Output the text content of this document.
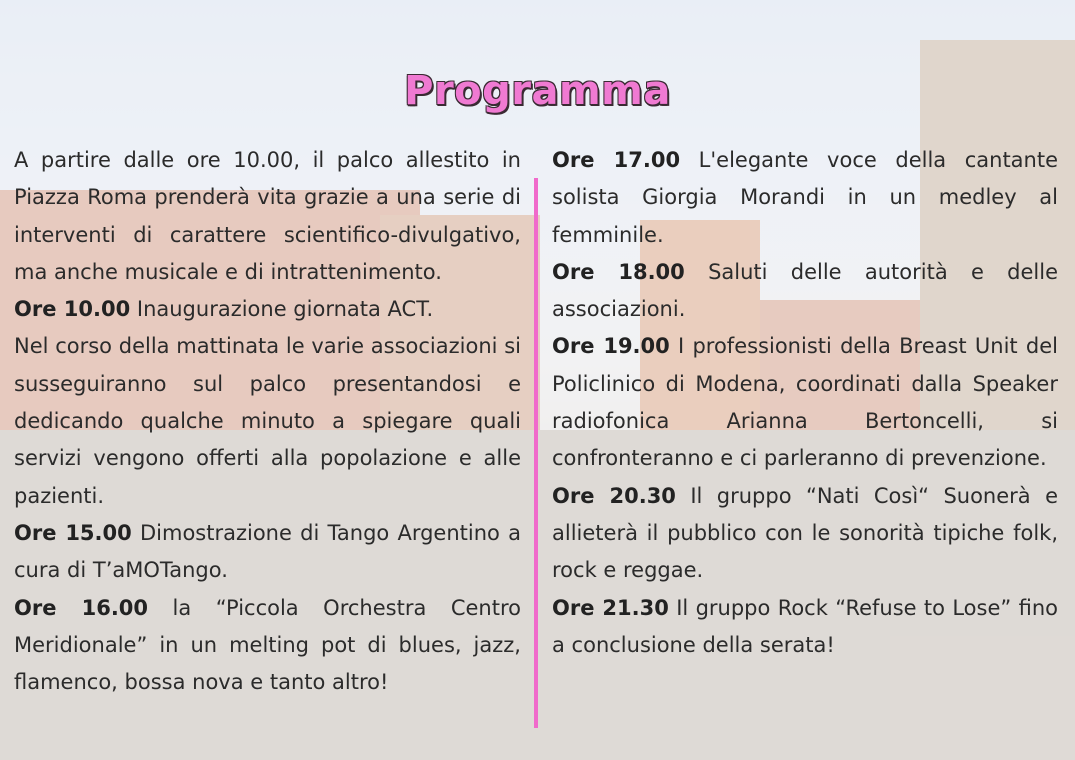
Programma

A partire dalle ore 10.00, il palco allestito in Piazza Roma prenderà vita grazie a una serie di interventi di carattere scientifico-divulgativo, ma anche musicale e di intrattenimento.

Ore 10.00 Inaugurazione giornata ACT.

Nel corso della mattinata le varie associazioni si susseguiranno sul palco presentandosi e dedicando qualche minuto a spiegare quali servizi vengono offerti alla popolazione e alle pazienti.

Ore 15.00 Dimostrazione di Tango Argentino a cura di T’aMOTango.

Ore 16.00 la “Piccola Orchestra Centro Meridionale” in un melting pot di blues, jazz, flamenco, bossa nova e tanto altro!

Ore 17.00 L'elegante voce della cantante solista Giorgia Morandi in un medley al femminile.

Ore 18.00 Saluti delle autorità e delle associazioni.

Ore 19.00 I professionisti della Breast Unit del Policlinico di Modena, coordinati dalla Speaker radiofonica Arianna Bertoncelli, si confronteranno e ci parleranno di prevenzione.

Ore 20.30 Il gruppo “Nati Così“ Suonerà e allieterà il pubblico con le sonorità tipiche folk, rock e reggae.

Ore 21.30 Il gruppo Rock “Refuse to Lose” fino a conclusione della serata!
